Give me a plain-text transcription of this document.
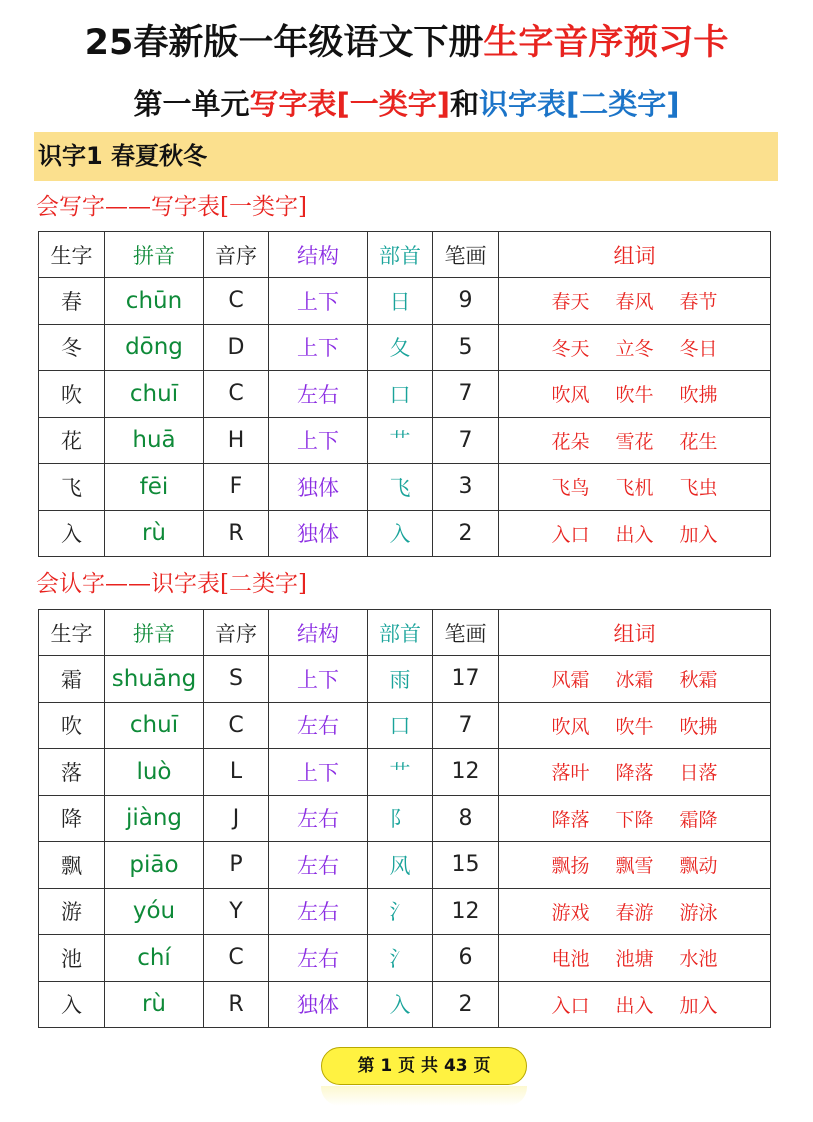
25春新版一年级语文下册生字音序预习卡
第一单元写字表[一类字]和识字表[二类字]
识字1 春夏秋冬
会写字——写字表[一类字]
生字	拼音	音序	结构	部首	笔画	组词
春	chūn	C	上下	日	9	春天 春风 春节
冬	dōng	D	上下	夂	5	冬天 立冬 冬日
吹	chuī	C	左右	口	7	吹风 吹牛 吹拂
花	huā	H	上下	艹	7	花朵 雪花 花生
飞	fēi	F	独体	飞	3	飞鸟 飞机 飞虫
入	rù	R	独体	入	2	入口 出入 加入
会认字——识字表[二类字]
生字	拼音	音序	结构	部首	笔画	组词
霜	shuāng	S	上下	雨	17	风霜 冰霜 秋霜
吹	chuī	C	左右	口	7	吹风 吹牛 吹拂
落	luò	L	上下	艹	12	落叶 降落 日落
降	jiàng	J	左右	阝	8	降落 下降 霜降
飘	piāo	P	左右	风	15	飘扬 飘雪 飘动
游	yóu	Y	左右	氵	12	游戏 春游 游泳
池	chí	C	左右	氵	6	电池 池塘 水池
入	rù	R	独体	入	2	入口 出入 加入
第 1 页 共 43 页
